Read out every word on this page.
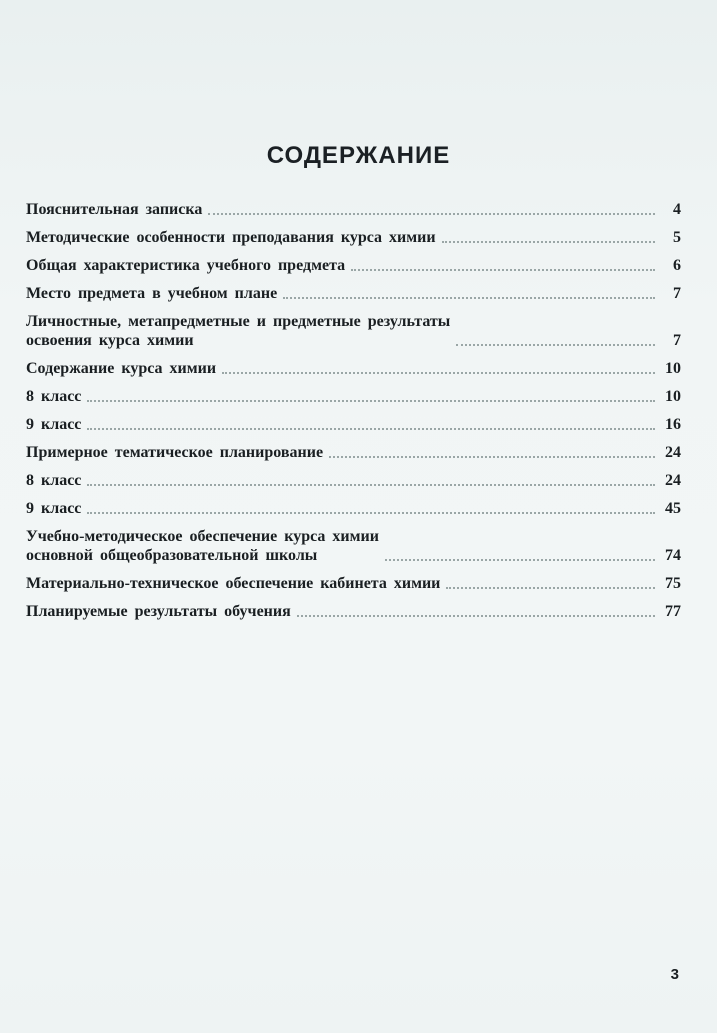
СОДЕРЖАНИЕ
Пояснительная записка	4
Методические особенности преподавания курса химии	5
Общая характеристика учебного предмета	6
Место предмета в учебном плане	7
Личностные, метапредметные и предметные результаты
освоения курса химии	7
Содержание курса химии	10
8 класс	10
9 класс	16
Примерное тематическое планирование	24
8 класс	24
9 класс	45
Учебно-методическое обеспечение курса химии
основной общеобразовательной школы	74
Материально-техническое обеспечение кабинета химии	75
Планируемые результаты обучения	77
3
